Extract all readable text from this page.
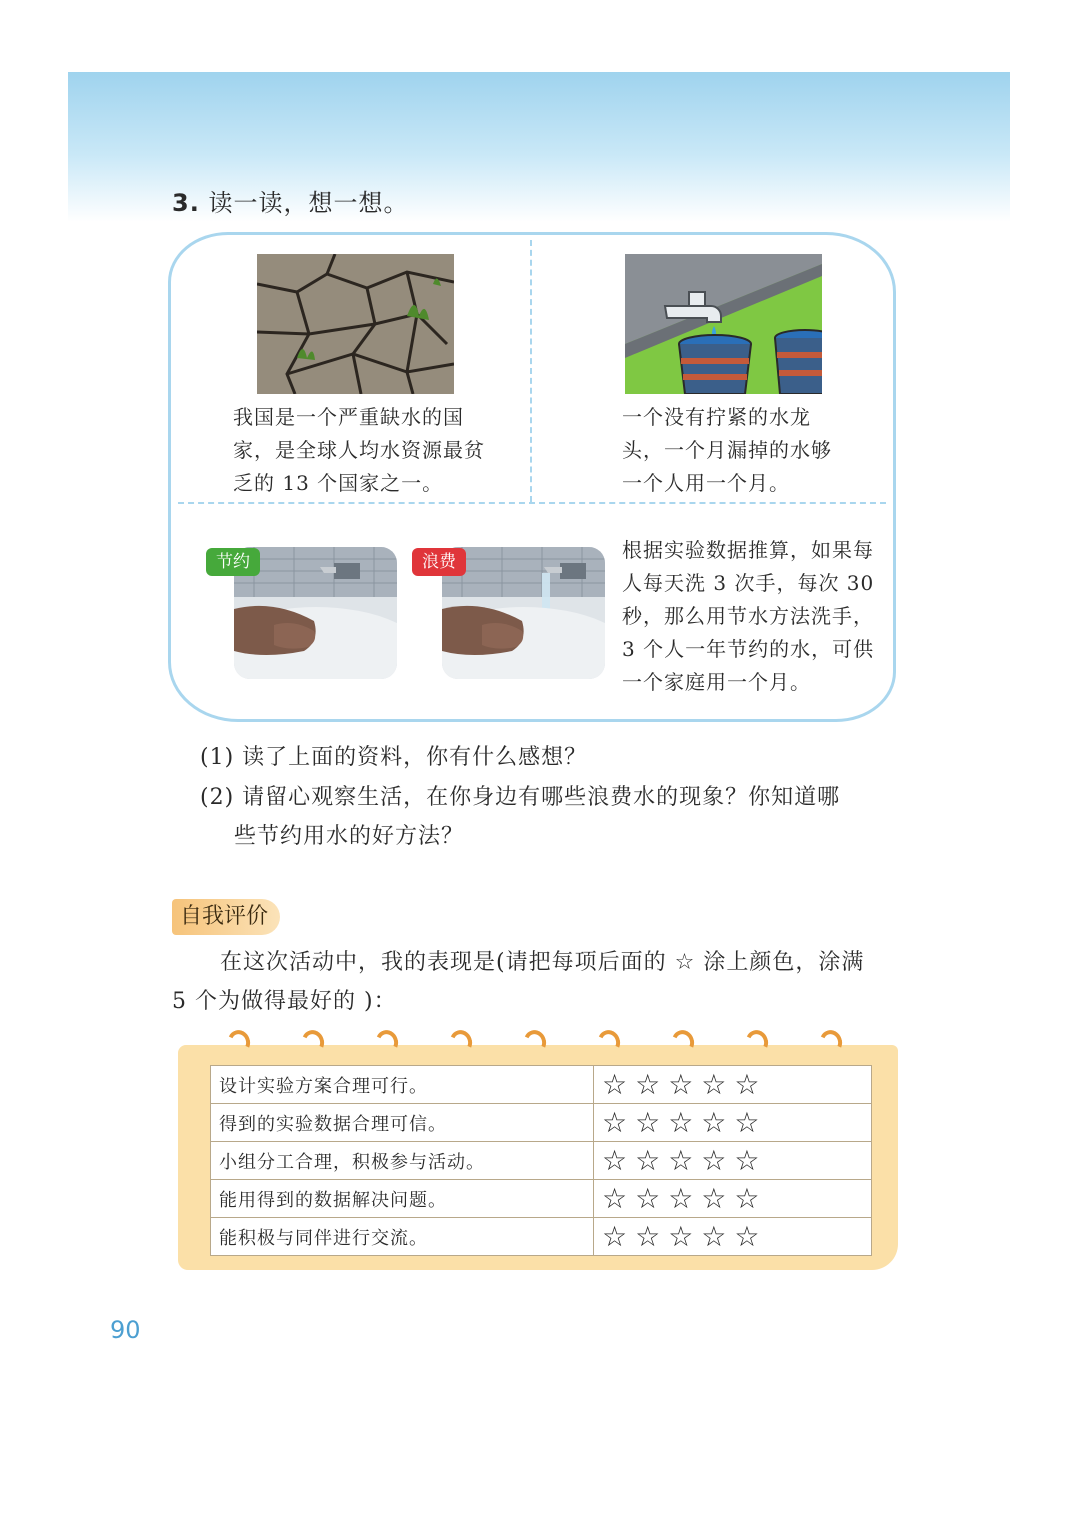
3. 读一读，想一想。
我国是一个严重缺水的国家，是全球人均水资源最贫乏的 13 个国家之一。
一个没有拧紧的水龙头，一个月漏掉的水够一个人用一个月。
节约	浪费	根据实验数据推算，如果每人每天洗 3 次手，每次 30 秒，那么用节水方法洗手，3 个人一年节约的水，可供一个家庭用一个月。
(1) 读了上面的资料，你有什么感想？
(2) 请留心观察生活，在你身边有哪些浪费水的现象？你知道哪
些节约用水的好方法？
自我评价
在这次活动中，我的表现是(请把每项后面的 ☆ 涂上颜色，涂满
5 个为做得最好的 )：
设计实验方案合理可行。	☆☆☆☆☆
得到的实验数据合理可信。	☆☆☆☆☆
小组分工合理，积极参与活动。	☆☆☆☆☆
能用得到的数据解决问题。	☆☆☆☆☆
能积极与同伴进行交流。	☆☆☆☆☆
90
